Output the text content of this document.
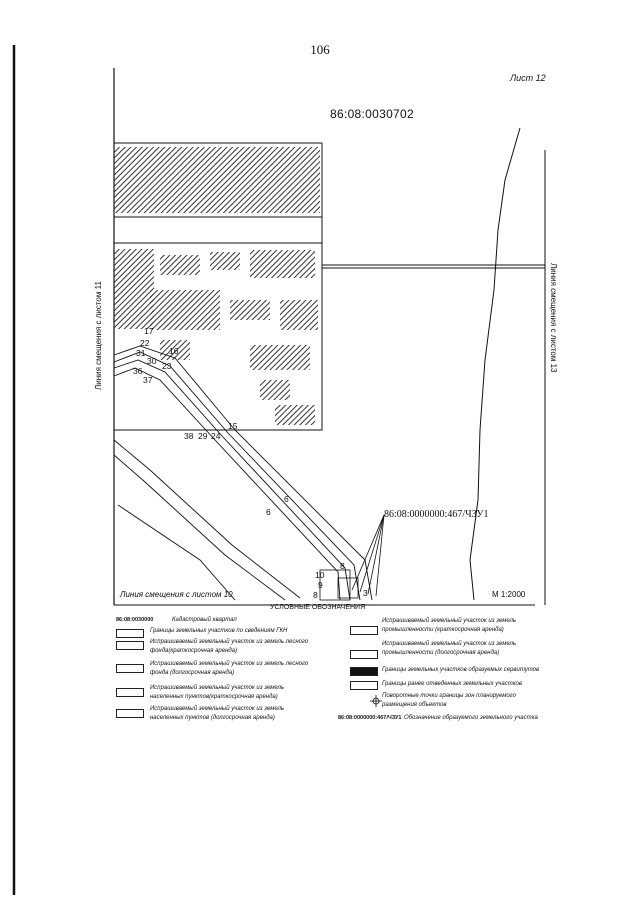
106
Лист 12
86:08:0030702
Линия смещения с листом 11	Линия смещения с листом 13
Линия смещения с листом 10	М 1:2000
86:08:0000000:467/ЧЗУ1
17
22
16
31
30 23
36
37
15
38 29 24
6
6
10
9
8
8
3
УСЛОВНЫЕ ОБОЗНАЧЕНИЯ
86:08:0030000	Кадастровый квартал
Границы земельных участков по сведениям ГКН
Испрашиваемый земельный участок из земель лесного фонда(краткосрочная аренда)
Испрашиваемый земельный участок из земель лесного фонда (долгосрочная аренда)
Испрашиваемый земельный участок из земель населенных пунктов(краткосрочная аренда)
Испрашиваемый земельный участок из земель населенных пунктов (долгосрочная аренда)
Испрашиваемый земельный участок из земель промышленности (краткосрочная аренда)
Испрашиваемый земельный участок из земель промышленности (долгосрочная аренда)
Границы земельных участков образуемых сервитутов
Границы ранее отведенных земельных участков
Поворотные точки границы зон планируемого размещения объектов
86:08:0000000:467/ЧЗУ1 Обозначение образуемого земельного участка
